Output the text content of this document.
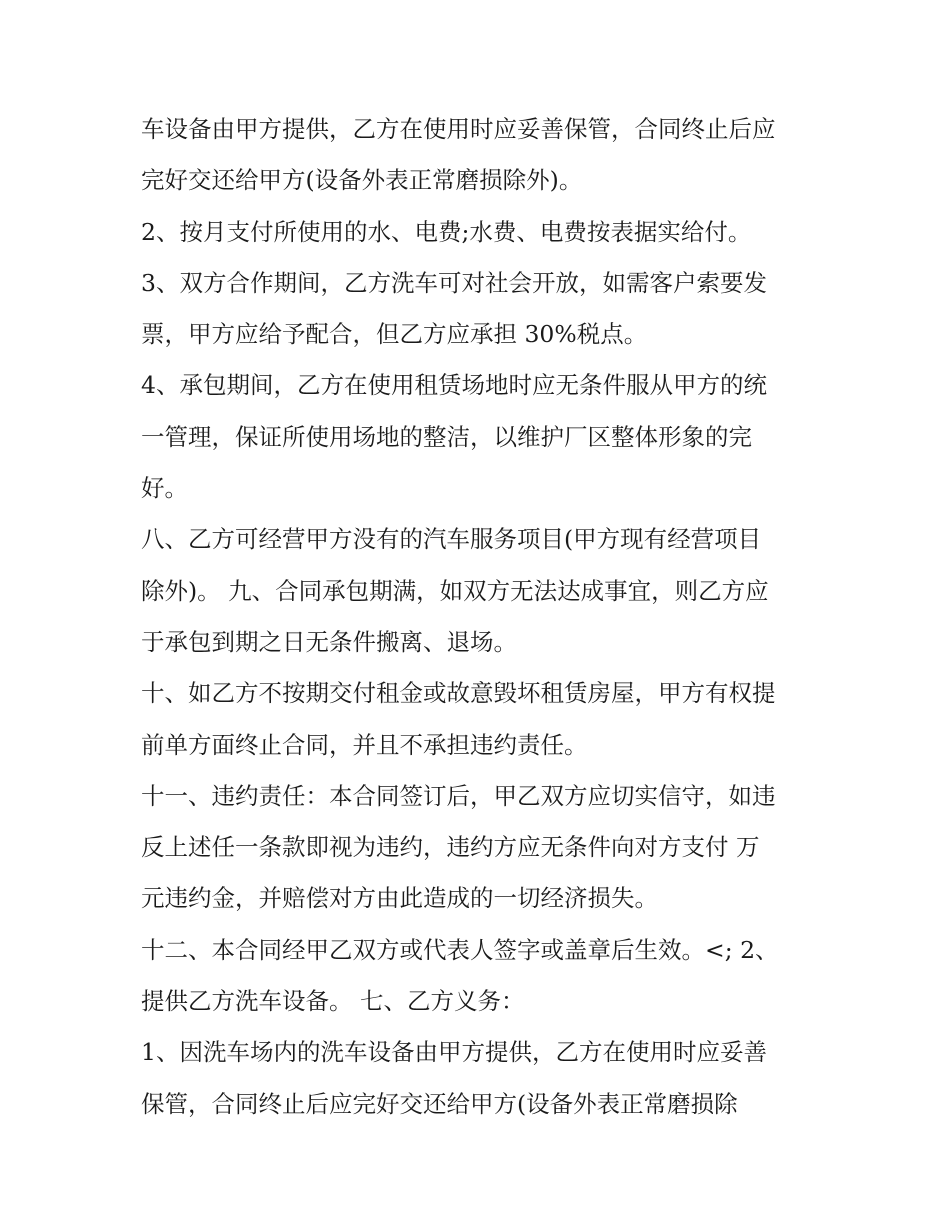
车设备由甲方提供，乙方在使用时应妥善保管，合同终止后应
完好交还给甲方(设备外表正常磨损除外)。
2、按月支付所使用的水、电费;水费、电费按表据实给付。
3、双方合作期间，乙方洗车可对社会开放，如需客户索要发
票，甲方应给予配合，但乙方应承担 30%税点。
4、承包期间，乙方在使用租赁场地时应无条件服从甲方的统
一管理，保证所使用场地的整洁，以维护厂区整体形象的完
好。
八、乙方可经营甲方没有的汽车服务项目(甲方现有经营项目
除外)。 九、合同承包期满，如双方无法达成事宜，则乙方应
于承包到期之日无条件搬离、退场。
十、如乙方不按期交付租金或故意毁坏租赁房屋，甲方有权提
前单方面终止合同，并且不承担违约责任。
十一、违约责任：本合同签订后，甲乙双方应切实信守，如违
反上述任一条款即视为违约，违约方应无条件向对方支付 万
元违约金，并赔偿对方由此造成的一切经济损失。
十二、本合同经甲乙双方或代表人签字或盖章后生效。<; 2、
提供乙方洗车设备。 七、乙方义务：
1、因洗车场内的洗车设备由甲方提供，乙方在使用时应妥善
保管，合同终止后应完好交还给甲方(设备外表正常磨损除
